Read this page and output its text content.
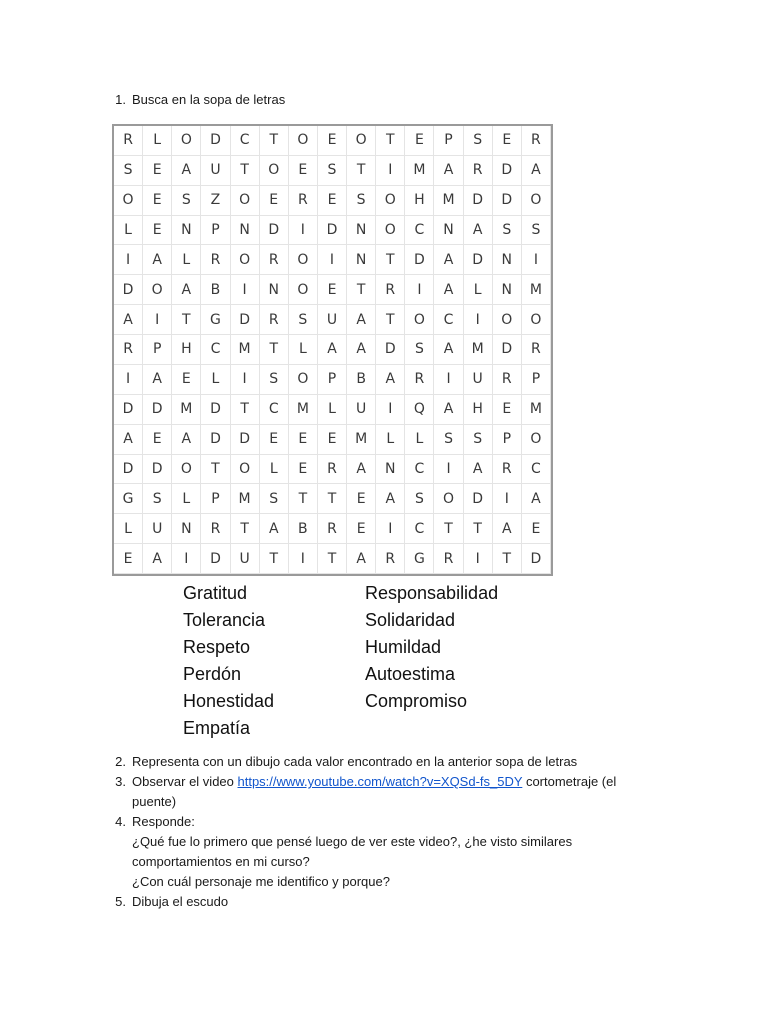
1. Busca en la sopa de letras
R	L	O	D	C	T	O	E	O	T	E	P	S	E	R
S	E	A	U	T	O	E	S	T	I	M	A	R	D	A
O	E	S	Z	O	E	R	E	S	O	H	M	D	D	O
L	E	N	P	N	D	I	D	N	O	C	N	A	S	S
I	A	L	R	O	R	O	I	N	T	D	A	D	N	I
D	O	A	B	I	N	O	E	T	R	I	A	L	N	M
A	I	T	G	D	R	S	U	A	T	O	C	I	O	O
R	P	H	C	M	T	L	A	A	D	S	A	M	D	R
I	A	E	L	I	S	O	P	B	A	R	I	U	R	P
D	D	M	D	T	C	M	L	U	I	Q	A	H	E	M
A	E	A	D	D	E	E	E	M	L	L	S	S	P	O
D	D	O	T	O	L	E	R	A	N	C	I	A	R	C
G	S	L	P	M	S	T	T	E	A	S	O	D	I	A
L	U	N	R	T	A	B	R	E	I	C	T	T	A	E
E	A	I	D	U	T	I	T	A	R	G	R	I	T	D
Gratitud
Tolerancia
Respeto
Perdón
Honestidad
Empatía
Responsabilidad
Solidaridad
Humildad
Autoestima
Compromiso
2. Representa con un dibujo cada valor encontrado en la anterior sopa de letras
3. Observar el video https://www.youtube.com/watch?v=XQSd-fs_5DY cortometraje (el
puente)
4. Responde:
¿Qué fue lo primero que pensé luego de ver este video?, ¿he visto similares
comportamientos en mi curso?
¿Con cuál personaje me identifico y porque?
5. Dibuja el escudo
